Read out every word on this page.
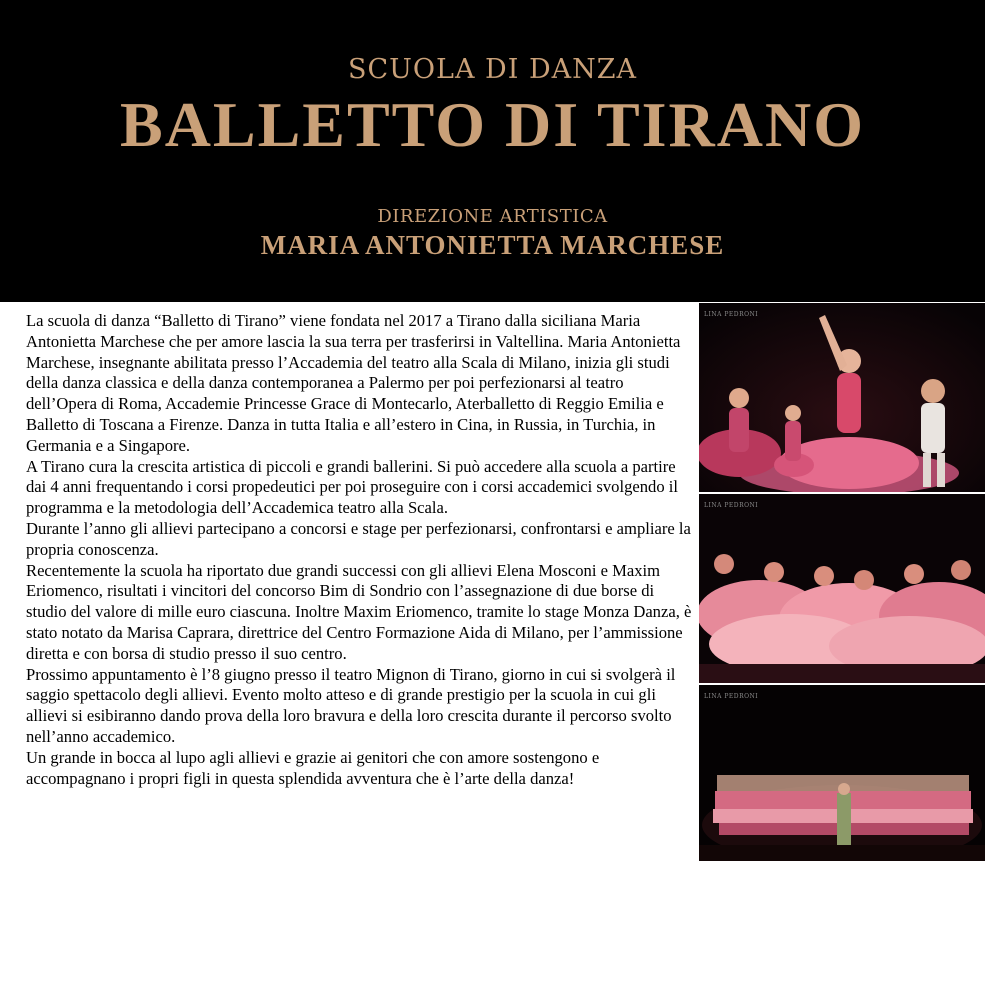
SCUOLA DI DANZA
BALLETTO DI TIRANO
DIREZIONE ARTISTICA
MARIA ANTONIETTA MARCHESE

La scuola di danza “Balletto di Tirano” viene fondata nel 2017 a Tirano dalla siciliana Maria Antonietta Marchese che per amore lascia la sua terra per trasferirsi in Valtellina. Maria Antonietta Marchese, insegnante abilitata presso l’Accademia del teatro alla Scala di Milano, inizia gli studi della danza classica e della danza contemporanea a Palermo per poi perfezionarsi al teatro dell’Opera di Roma, Accademie Princesse Grace di Montecarlo, Aterballetto di Reggio Emilia e Balletto di Toscana a Firenze. Danza in tutta Italia e all’estero in Cina, in Russia, in Turchia, in Germania e a Singapore.

A Tirano cura la crescita artistica di piccoli e grandi ballerini. Si può accedere alla scuola a partire dai 4 anni frequentando i corsi propedeutici per poi proseguire con i corsi accademici svolgendo il programma e la metodologia dell’Accademica teatro alla Scala.

Durante l’anno gli allievi partecipano a concorsi e stage per perfezionarsi, confrontarsi e ampliare la propria conoscenza.

Recentemente la scuola ha riportato due grandi successi con gli allievi Elena Mosconi e Maxim Eriomenco, risultati i vincitori del concorso Bim di Sondrio con l’assegnazione di due borse di studio del valore di mille euro ciascuna. Inoltre Maxim Eriomenco, tramite lo stage Monza Danza, è stato notato da Marisa Caprara, direttrice del Centro Formazione Aida di Milano, per l’ammissione diretta e con borsa di studio presso il suo centro.

Prossimo appuntamento è l’8 giugno presso il teatro Mignon di Tirano, giorno in cui si svolgerà il saggio spettacolo degli allievi. Evento molto atteso e di grande prestigio per la scuola in cui gli allievi si esibiranno dando prova della loro bravura e della loro crescita durante il percorso svolto nell’anno accademico.

Un grande in bocca al lupo agli allievi e grazie ai genitori che con amore sostengono e accompagnano i propri figli in questa splendida avventura che è l’arte della danza!

LINA PEDRONI
LINA PEDRONI
LINA PEDRONI
